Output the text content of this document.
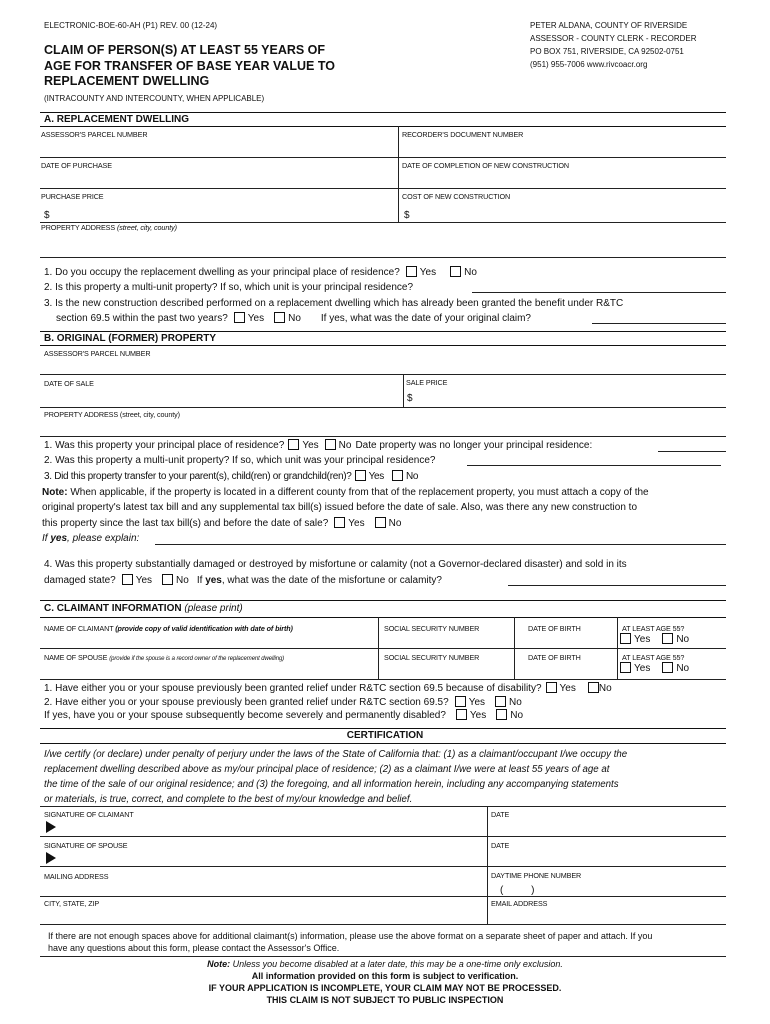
ELECTRONIC-BOE-60-AH (P1) REV. 00 (12-24)
CLAIM OF PERSON(S) AT LEAST 55 YEARS OF
AGE FOR TRANSFER OF BASE YEAR VALUE TO
REPLACEMENT DWELLING
(INTRACOUNTY AND INTERCOUNTY, WHEN APPLICABLE)
PETER ALDANA, COUNTY OF RIVERSIDE
ASSESSOR - COUNTY CLERK - RECORDER
PO BOX 751, RIVERSIDE, CA 92502-0751
(951) 955-7006 www.rivcoacr.org
A. REPLACEMENT DWELLING
ASSESSOR'S PARCEL NUMBER	RECORDER'S DOCUMENT NUMBER
DATE OF PURCHASE	DATE OF COMPLETION OF NEW CONSTRUCTION
PURCHASE PRICE	COST OF NEW CONSTRUCTION
$	$
PROPERTY ADDRESS (street, city, county)
1. Do you occupy the replacement dwelling as your principal place of residence? Yes	No
2. Is this property a multi-unit property? If so, which unit is your principal residence?
3. Is the new construction described performed on a replacement dwelling which has already been granted the benefit under R&TC
section 69.5 within the past two years? Yes No If yes, what was the date of your original claim?
B. ORIGINAL (FORMER) PROPERTY
ASSESSOR'S PARCEL NUMBER
DATE OF SALE	SALE PRICE
$
PROPERTY ADDRESS (street, city, county)
1. Was this property your principal place of residence? Yes No Date property was no longer your principal residence:
2. Was this property a multi-unit property? If so, which unit was your principal residence?
3. Did this property transfer to your parent(s), child(ren) or grandchild(ren)? Yes No
Note: When applicable, if the property is located in a different county from that of the replacement property, you must attach a copy of the
original property's latest tax bill and any supplemental tax bill(s) issued before the date of sale. Also, was there any new construction to
this property since the last tax bill(s) and before the date of sale? Yes No
If yes, please explain:
4. Was this property substantially damaged or destroyed by misfortune or calamity (not a Governor-declared disaster) and sold in its
damaged state? Yes No If yes, what was the date of the misfortune or calamity?
C. CLAIMANT INFORMATION (please print)
NAME OF CLAIMANT (provide copy of valid identification with date of birth)	SOCIAL SECURITY NUMBER	DATE OF BIRTH	AT LEAST AGE 55?
Yes	No
NAME OF SPOUSE (provide if the spouse is a record owner of the replacement dwelling)	SOCIAL SECURITY NUMBER	DATE OF BIRTH	AT LEAST AGE 55?
Yes	No
1. Have either you or your spouse previously been granted relief under R&TC section 69.5 because of disability? Yes No
2. Have either you or your spouse previously been granted relief under R&TC section 69.5? Yes No
If yes, have you or your spouse subsequently become severely and permanently disabled? Yes No
CERTIFICATION
I/we certify (or declare) under penalty of perjury under the laws of the State of California that: (1) as a claimant/occupant I/we occupy the
replacement dwelling described above as my/our principal place of residence; (2) as a claimant I/we were at least 55 years of age at
the time of the sale of our original residence; and (3) the foregoing, and all information herein, including any accompanying statements
or materials, is true, correct, and complete to the best of my/our knowledge and belief.
SIGNATURE OF CLAIMANT	DATE
SIGNATURE OF SPOUSE	DATE
MAILING ADDRESS	DAYTIME PHONE NUMBER
(          )
CITY, STATE, ZIP	EMAIL ADDRESS
If there are not enough spaces above for additional claimant(s) information, please use the above format on a separate sheet of paper and attach. If you
have any questions about this form, please contact the Assessor's Office.
Note: Unless you become disabled at a later date, this may be a one-time only exclusion.
All information provided on this form is subject to verification.
IF YOUR APPLICATION IS INCOMPLETE, YOUR CLAIM MAY NOT BE PROCESSED.
THIS CLAIM IS NOT SUBJECT TO PUBLIC INSPECTION
